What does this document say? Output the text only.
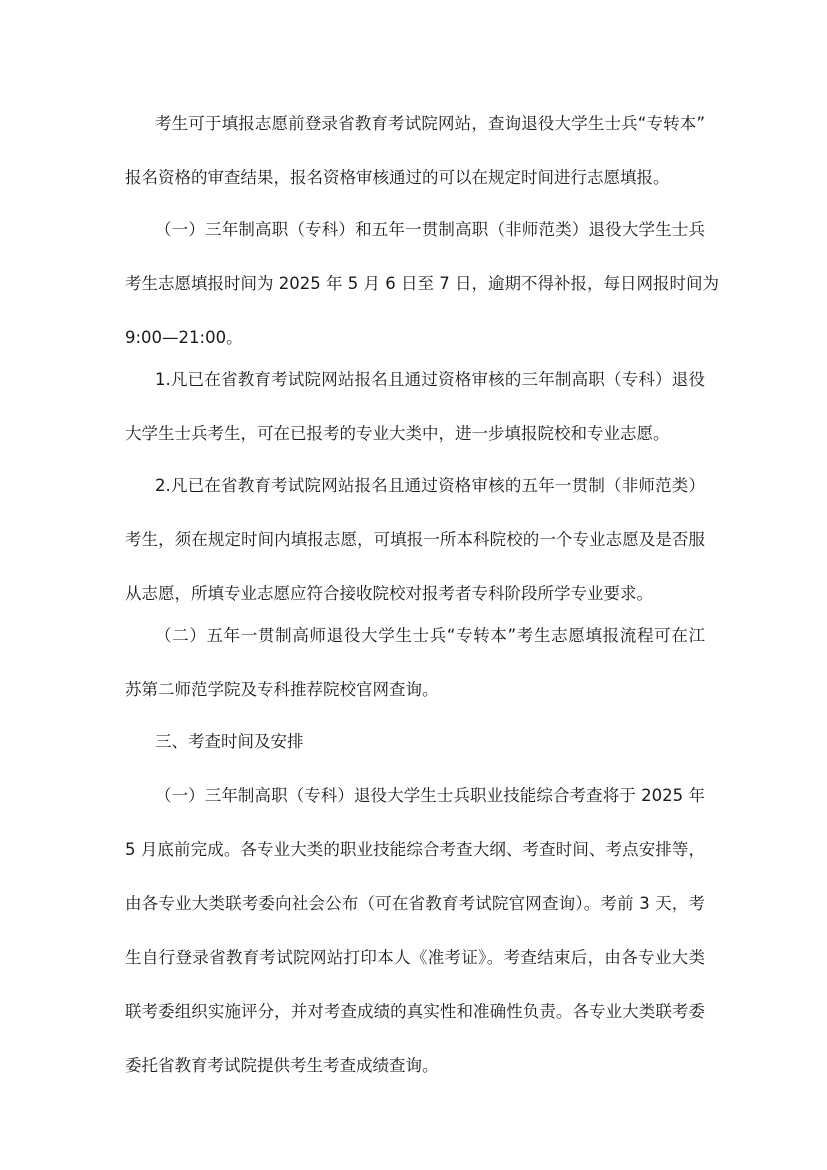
考生可于填报志愿前登录省教育考试院网站，查询退役大学生士兵“专转本”
报名资格的审查结果，报名资格审核通过的可以在规定时间进行志愿填报。
（一）三年制高职（专科）和五年一贯制高职（非师范类）退役大学生士兵
考生志愿填报时间为 2025 年 5 月 6 日至 7 日，逾期不得补报，每日网报时间为
9:00—21:00。
1.凡已在省教育考试院网站报名且通过资格审核的三年制高职（专科）退役
大学生士兵考生，可在已报考的专业大类中，进一步填报院校和专业志愿。
2.凡已在省教育考试院网站报名且通过资格审核的五年一贯制（非师范类）
考生，须在规定时间内填报志愿，可填报一所本科院校的一个专业志愿及是否服
从志愿，所填专业志愿应符合接收院校对报考者专科阶段所学专业要求。
（二）五年一贯制高师退役大学生士兵“专转本”考生志愿填报流程可在江
苏第二师范学院及专科推荐院校官网查询。
三、考查时间及安排
（一）三年制高职（专科）退役大学生士兵职业技能综合考查将于 2025 年
5 月底前完成。各专业大类的职业技能综合考查大纲、考查时间、考点安排等，
由各专业大类联考委向社会公布（可在省教育考试院官网查询）。考前 3 天，考
生自行登录省教育考试院网站打印本人《准考证》。考查结束后，由各专业大类
联考委组织实施评分，并对考查成绩的真实性和准确性负责。各专业大类联考委
委托省教育考试院提供考生考查成绩查询。
